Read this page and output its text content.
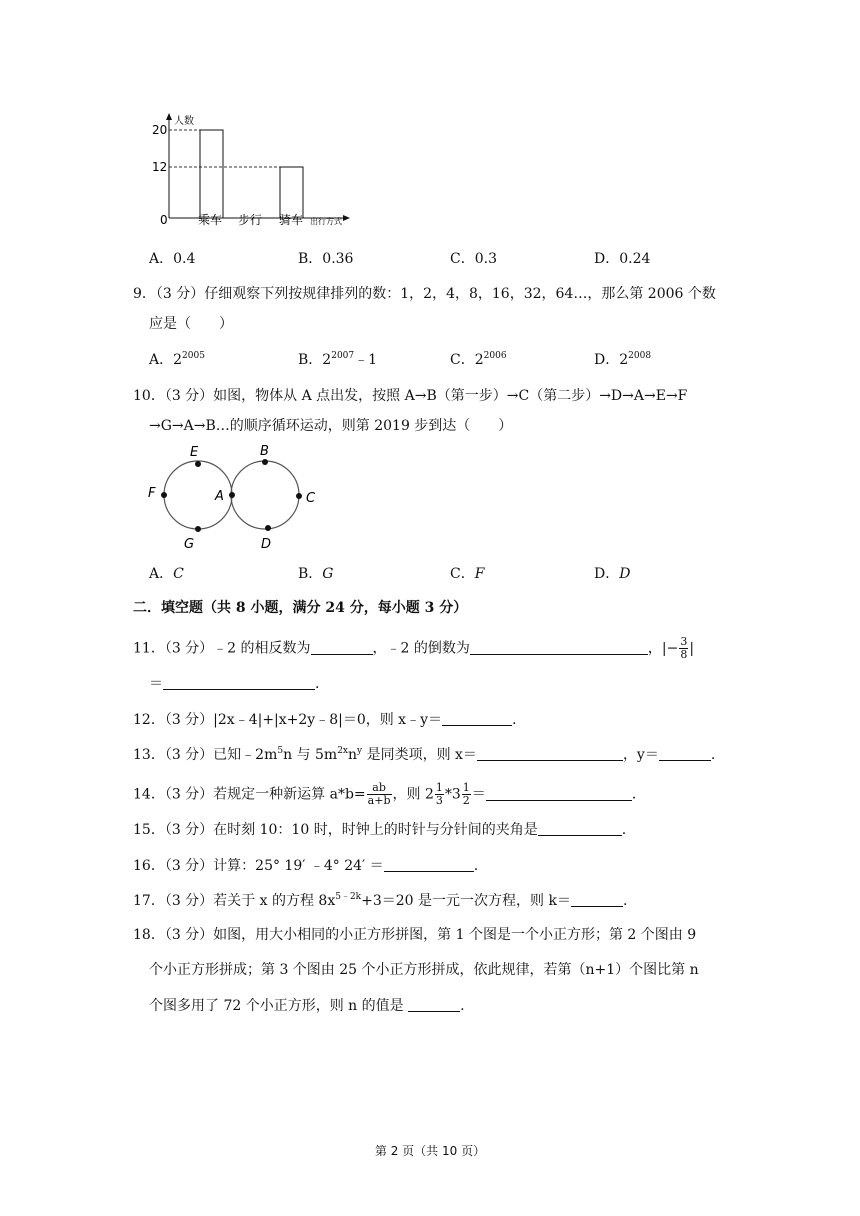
人数
20
12
0	乘车 步行 骑车 出行方式
A．0.4	B．0.36	C．0.3	D．0.24
9．（3 分）仔细观察下列按规律排列的数：1，2，4，8，16，32，64…，那么第 2006 个数
应是（　　）
A．$2^{2005}$	B．$2^{2007}﹣1$	C．$2^{2006}$	D．$2^{2008}$
10．（3 分）如图，物体从 A 点出发，按照 A→B（第一步）→C（第二步）→D→A→E→F
→G→A→B…的顺序循环运动，则第 2019 步到达（　　）
E
F	A
G
B
C
D
A．C	B．G	C．F	D．D
二．填空题（共 8 小题，满分 24 分，每小题 3 分）
11．（3 分）﹣2 的相反数为	，﹣2 的倒数为	，|− $\frac{3}{8}$ |
＝	.
12．（3 分）|2x﹣4|+|x+2y﹣8|＝0，则 x﹣y＝	.
13．（3 分）已知$﹣2m^5n$ 与 $5m^{2x}n^y$ 是同类项，则 x＝	，y＝	.
14．（3 分）若规定一种新运算 $a*b= \frac{ab}{a+b}$ ，则 $2 \frac{1}{3} *3 \frac{1}{2}$ ＝	.
15．（3 分）在时刻 10：10 时，时钟上的时针与分针间的夹角是	.
16．（3 分）计算：25° 19′ ﹣4° 24′ ＝	.
17．（3 分）若关于 x 的方程 $8x^{5﹣2k}+3=20$ 是一元一次方程，则 k＝	.
18．（3 分）如图，用大小相同的小正方形拼图，第 1 个图是一个小正方形；第 2 个图由 9
个小正方形拼成；第 3 个图由 25 个小正方形拼成，依此规律，若第（n+1）个图比第 n
个图多用了 72 个小正方形，则 n 的值是	.
第 2 页（共 10 页）
